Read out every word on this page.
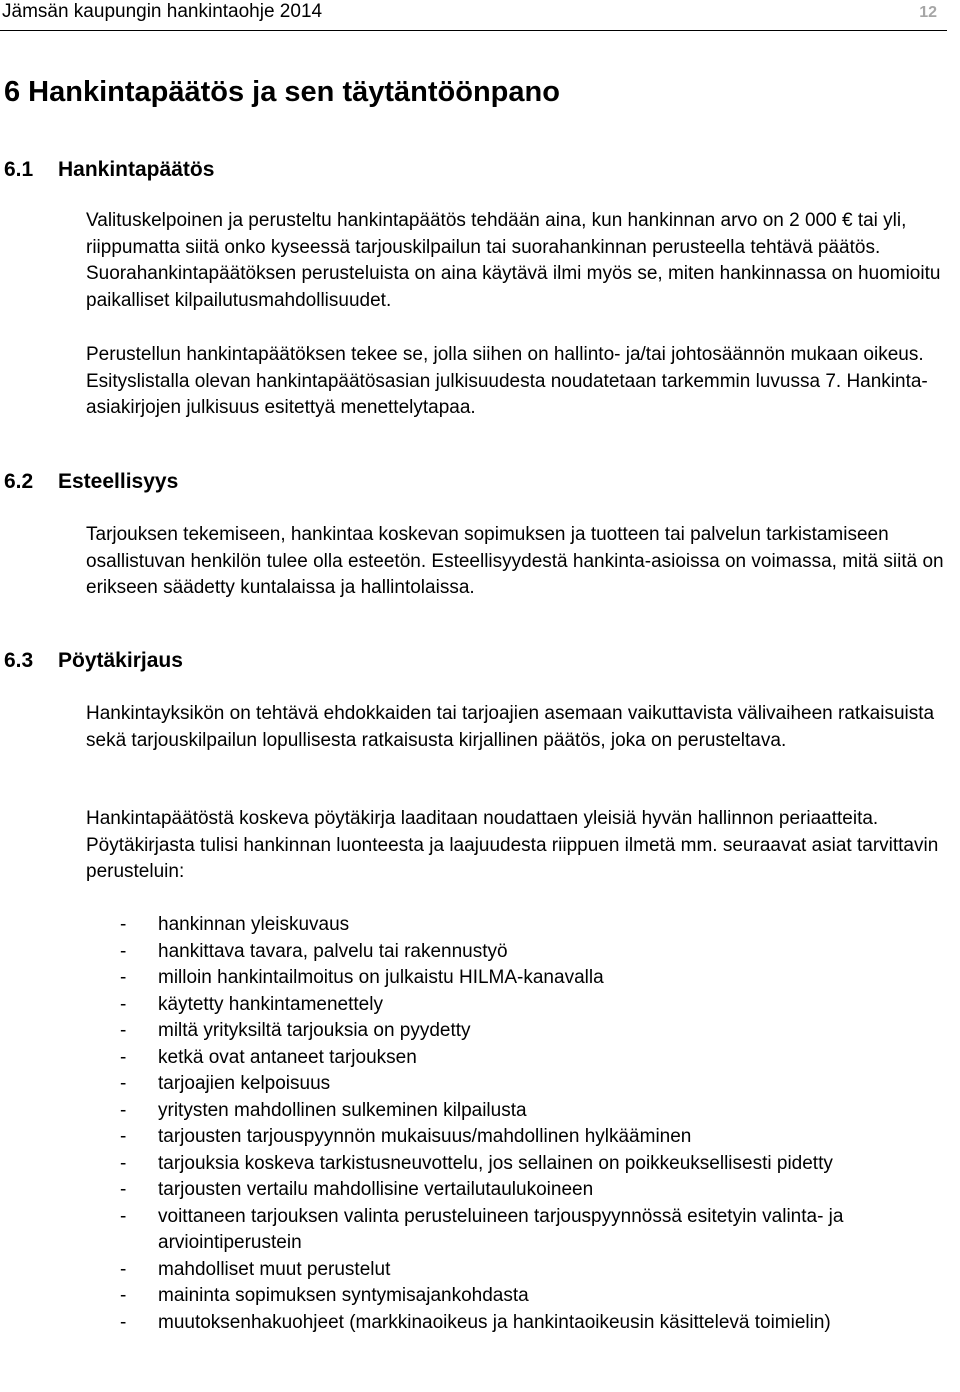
Jämsän kaupungin hankintaohje 2014	12
6 Hankintapäätös ja sen täytäntöönpano
6.1 Hankintapäätös

Valituskelpoinen ja perusteltu hankintapäätös tehdään aina, kun hankinnan arvo on 2 000 € tai yli, riippumatta siitä onko kyseessä tarjouskilpailun tai suorahankinnan perusteella tehtävä päätös. Suorahankintapäätöksen perusteluista on aina käytävä ilmi myös se, miten hankinnassa on huomioitu paikalliset kilpailutusmahdollisuudet.

Perustellun hankintapäätöksen tekee se, jolla siihen on hallinto- ja/tai johtosäännön mukaan oikeus. Esityslistalla olevan hankintapäätösasian julkisuudesta noudatetaan tarkemmin luvussa 7. Hankinta-asiakirjojen julkisuus esitettyä menettelytapaa.

6.2 Esteellisyys

Tarjouksen tekemiseen, hankintaa koskevan sopimuksen ja tuotteen tai palvelun tarkistamiseen osallistuvan henkilön tulee olla esteetön. Esteellisyydestä hankinta-asioissa on voimassa, mitä siitä on erikseen säädetty kuntalaissa ja hallintolaissa.

6.3 Pöytäkirjaus

Hankintayksikön on tehtävä ehdokkaiden tai tarjoajien asemaan vaikuttavista välivaiheen ratkaisuista sekä tarjouskilpailun lopullisesta ratkaisusta kirjallinen päätös, joka on perusteltava.

Hankintapäätöstä koskeva pöytäkirja laaditaan noudattaen yleisiä hyvän hallinnon periaatteita. Pöytäkirjasta tulisi hankinnan luonteesta ja laajuudesta riippuen ilmetä mm. seuraavat asiat tarvittavin perusteluin:

- hankinnan yleiskuvaus
- hankittava tavara, palvelu tai rakennustyö
- milloin hankintailmoitus on julkaistu HILMA-kanavalla
- käytetty hankintamenettely
- miltä yrityksiltä tarjouksia on pyydetty
- ketkä ovat antaneet tarjouksen
- tarjoajien kelpoisuus
- yritysten mahdollinen sulkeminen kilpailusta
- tarjousten tarjouspyynnön mukaisuus/mahdollinen hylkääminen
- tarjouksia koskeva tarkistusneuvottelu, jos sellainen on poikkeuksellisesti pidetty
- tarjousten vertailu mahdollisine vertailutaulukoineen
- voittaneen tarjouksen valinta perusteluineen tarjouspyynnössä esitetyin valinta- ja arviointiperustein
- mahdolliset muut perustelut
- maininta sopimuksen syntymisajankohdasta
- muutoksenhakuohjeet (markkinaoikeus ja hankintaoikeusin käsittelevä toimielin)
